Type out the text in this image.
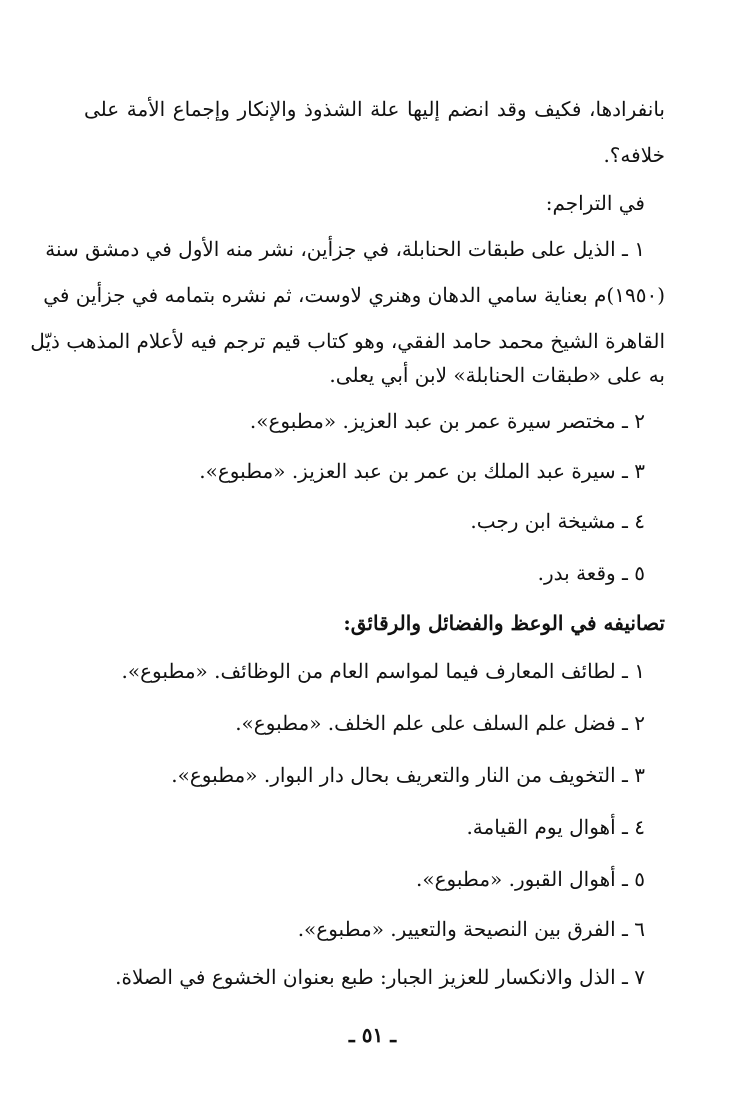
بانفرادها، فكيف وقد انضم إليها علة الشذوذ والإنكار وإجماع الأمة على

خلافه؟.

في التراجم:

١ ـ الذيل على طبقات الحنابلة، في جزأين، نشر منه الأول في دمشق سنة

(١٩٥٠)م بعناية سامي الدهان وهنري لاوست، ثم نشره بتمامه في جزأين في

القاهرة الشيخ محمد حامد الفقي، وهو كتاب قيم ترجم فيه لأعلام المذهب ذيّل

به على «طبقات الحنابلة» لابن أبي يعلى.

٢ ـ مختصر سيرة عمر بن عبد العزيز. «مطبوع».

٣ ـ سيرة عبد الملك بن عمر بن عبد العزيز. «مطبوع».

٤ ـ مشيخة ابن رجب.

٥ ـ وقعة بدر.

تصانيفه في الوعظ والفضائل والرقائق:

١ ـ لطائف المعارف فيما لمواسم العام من الوظائف. «مطبوع».

٢ ـ فضل علم السلف على علم الخلف. «مطبوع».

٣ ـ التخويف من النار والتعريف بحال دار البوار. «مطبوع».

٤ ـ أهوال يوم القيامة.

٥ ـ أهوال القبور. «مطبوع».

٦ ـ الفرق بين النصيحة والتعيير. «مطبوع».

٧ ـ الذل والانكسار للعزيز الجبار: طبع بعنوان الخشوع في الصلاة.

ـ ٥١ ـ
